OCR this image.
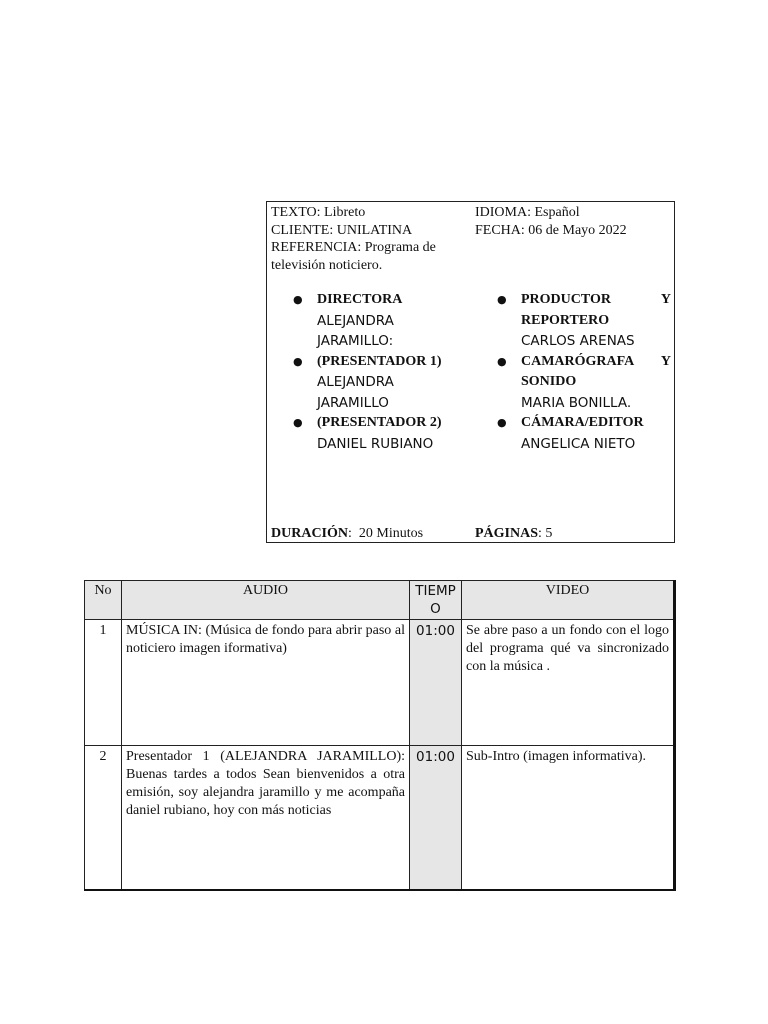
TEXTO: Libreto
CLIENTE: UNILATINA
REFERENCIA: Programa de televisión noticiero.
IDIOMA: Español
FECHA: 06 de Mayo 2022
● DIRECTORA
ALEJANDRA
JARAMILLO:
● (PRESENTADOR 1)
ALEJANDRA
JARAMILLO
● (PRESENTADOR 2)
DANIEL RUBIANO
● PRODUCTOR Y
REPORTERO
CARLOS ARENAS
● CAMARÓGRAFA Y
SONIDO
MARIA BONILLA.
● CÁMARA/EDITOR
ANGELICA NIETO
DURACIÓN:  20 Minutos	PÁGINAS: 5
No	AUDIO	TIEMPO	VIDEO
1	MÚSICA IN: (Música de fondo para abrir paso al noticiero imagen iformativa)	01:00	Se abre paso a un fondo con el logo del programa qué va sincronizado con la música .
2	Presentador 1 (ALEJANDRA JARAMILLO): Buenas tardes a todos Sean bienvenidos a otra emisión, soy alejandra jaramillo y me acompaña daniel rubiano, hoy con más noticias	01:00	Sub-Intro (imagen informativa).
